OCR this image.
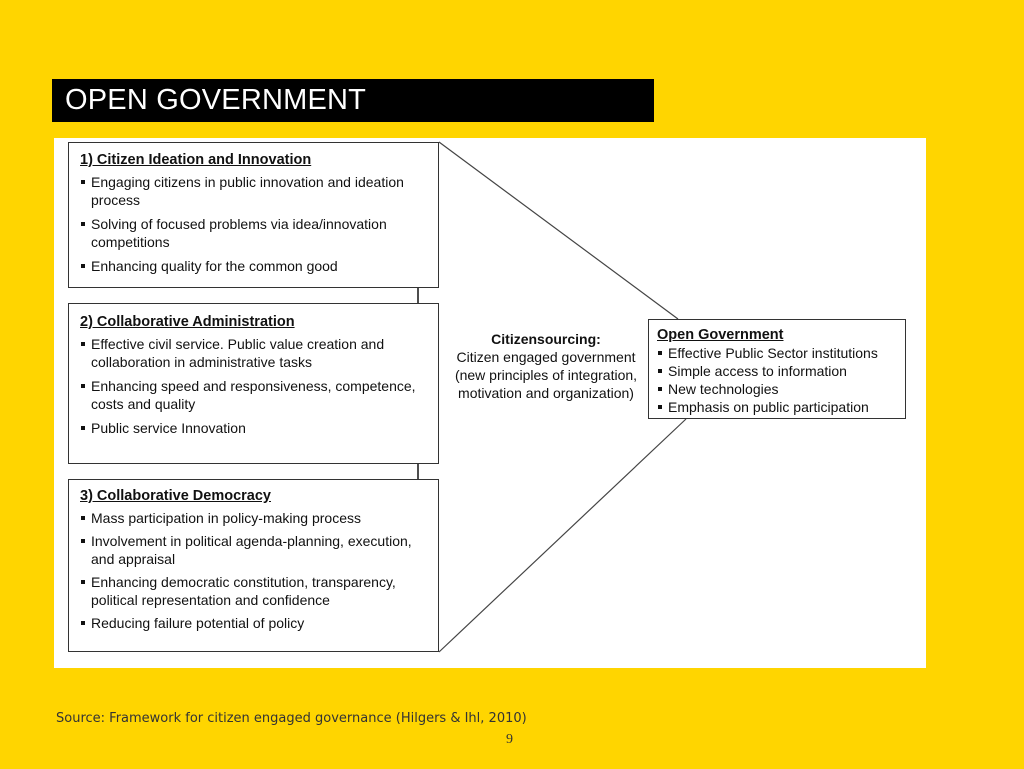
OPEN GOVERNMENT
1) Citizen Ideation and Innovation
Engaging citizens in public innovation and ideation process
Solving of focused problems via idea/innovation competitions
Enhancing quality for the common good
2) Collaborative Administration
Effective civil service. Public value creation and collaboration in administrative tasks
Enhancing speed and responsiveness, competence, costs and quality
Public service Innovation
3) Collaborative Democracy
Mass participation in policy-making process
Involvement in political agenda-planning, execution, and appraisal
Enhancing democratic constitution, transparency, political representation and confidence
Reducing failure potential of policy
Citizensourcing:
Citizen engaged government
(new principles of integration,
motivation and organization)
Open Government
Effective Public Sector institutions
Simple access to information
New technologies
Emphasis on public participation
Source: Framework for citizen engaged governance (Hilgers & Ihl, 2010)
9
